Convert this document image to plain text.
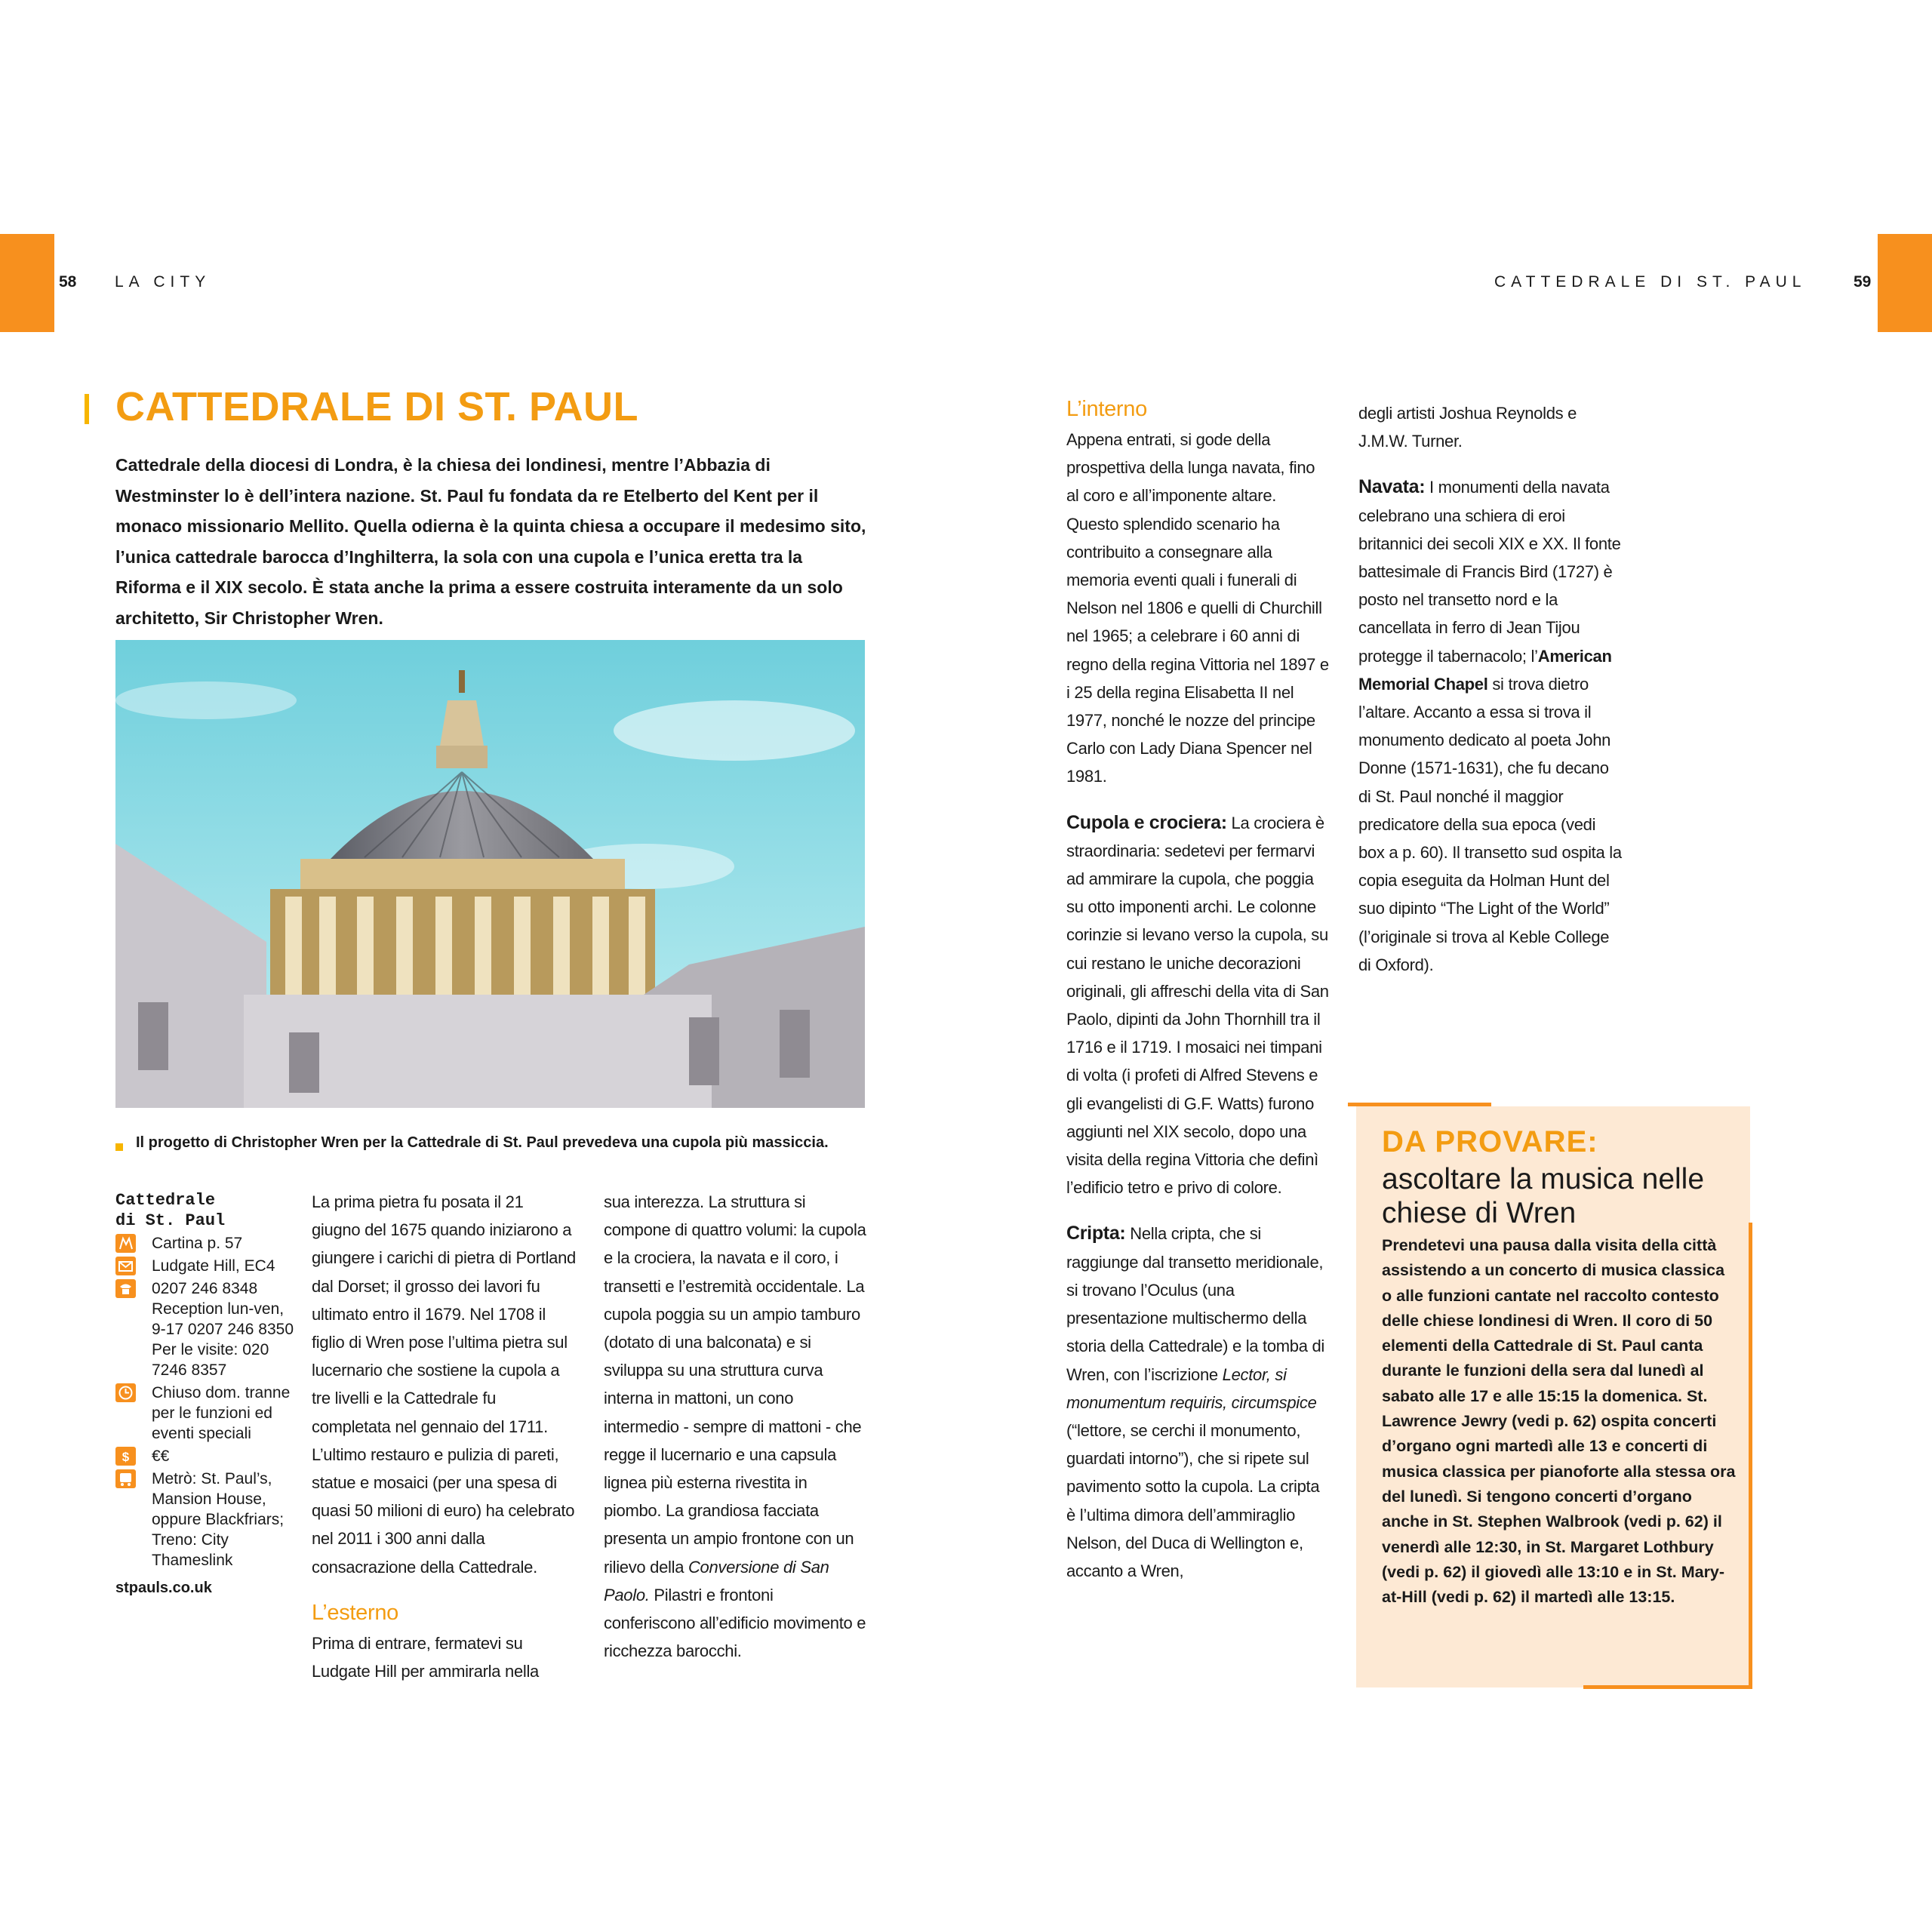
58 LA CITY	CATTEDRALE DI ST. PAUL	59
CATTEDRALE DI ST. PAUL
Cattedrale della diocesi di Londra, è la chiesa dei londinesi, mentre l’Abbazia di Westminster lo è dell’intera nazione. St. Paul fu fondata da re Etelberto del Kent per il monaco missionario Mellito. Quella odierna è la quinta chiesa a occupare il medesimo sito, l’unica cattedrale barocca d’Inghilterra, la sola con una cupola e l’unica eretta tra la Riforma e il XIX secolo. È stata anche la prima a essere costruita interamente da un solo architetto, Sir Christopher Wren.
Il progetto di Christopher Wren per la Cattedrale di St. Paul prevedeva una cupola più massiccia.
Cattedrale
di St. Paul
Cartina p. 57
Ludgate Hill, EC4
0207 246 8348 Reception lun-ven, 9-17 0207 246 8350 Per le visite: 020 7246 8357
Chiuso dom. tranne per le funzioni ed eventi speciali
$ €€
Metrò: St. Paul’s, Mansion House, oppure Blackfriars; Treno: City Thameslink
stpauls.co.uk

La prima pietra fu posata il 21 giugno del 1675 quando iniziarono a giungere i carichi di pietra di Portland dal Dorset; il grosso dei lavori fu ultimato entro il 1679. Nel 1708 il figlio di Wren pose l’ultima pietra sul lucernario che sostiene la cupola a tre livelli e la Cattedrale fu completata nel gennaio del 1711. L’ultimo restauro e pulizia di pareti, statue e mosaici (per una spesa di quasi 50 milioni di euro) ha celebrato nel 2011 i 300 anni dalla consacrazione della Cattedrale.

L’esterno

Prima di entrare, fermatevi su Ludgate Hill per ammirarla nella

sua interezza. La struttura si compone di quattro volumi: la cupola e la crociera, la navata e il coro, i transetti e l’estremità occidentale. La cupola poggia su un ampio tamburo (dotato di una balconata) e si sviluppa su una struttura curva interna in mattoni, un cono intermedio - sempre di mattoni - che regge il lucernario e una capsula lignea più esterna rivestita in piombo. La grandiosa facciata presenta un ampio frontone con un rilievo della Conversione di San Paolo. Pilastri e frontoni conferiscono all’edificio movimento e ricchezza barocchi.

L’interno

Appena entrati, si gode della prospettiva della lunga navata, fino al coro e all’imponente altare. Questo splendido scenario ha contribuito a consegnare alla memoria eventi quali i funerali di Nelson nel 1806 e quelli di Churchill nel 1965; a celebrare i 60 anni di regno della regina Vittoria nel 1897 e i 25 della regina Elisabetta II nel 1977, nonché le nozze del principe Carlo con Lady Diana Spencer nel 1981.

Cupola e crociera: La crociera è straordinaria: sedetevi per fermarvi ad ammirare la cupola, che poggia su otto imponenti archi. Le colonne corinzie si levano verso la cupola, su cui restano le uniche decorazioni originali, gli affreschi della vita di San Paolo, dipinti da John Thornhill tra il 1716 e il 1719. I mosaici nei timpani di volta (i profeti di Alfred Stevens e gli evangelisti di G.F. Watts) furono aggiunti nel XIX secolo, dopo una visita della regina Vittoria che definì l’edificio tetro e privo di colore.

Cripta: Nella cripta, che si raggiunge dal transetto meridionale, si trovano l’Oculus (una presentazione multischermo della storia della Cattedrale) e la tomba di Wren, con l’iscrizione Lector, si monumentum requiris, circumspice (“lettore, se cerchi il monumento, guardati intorno”), che si ripete sul pavimento sotto la cupola. La cripta è l’ultima dimora dell’ammiraglio Nelson, del Duca di Wellington e, accanto a Wren,

degli artisti Joshua Reynolds e J.M.W. Turner.

Navata: I monumenti della navata celebrano una schiera di eroi britannici dei secoli XIX e XX. Il fonte battesimale di Francis Bird (1727) è posto nel transetto nord e la cancellata in ferro di Jean Tijou protegge il tabernacolo; l’American Memorial Chapel si trova dietro l’altare. Accanto a essa si trova il monumento dedicato al poeta John Donne (1571-1631), che fu decano di St. Paul nonché il maggior predicatore della sua epoca (vedi box a p. 60). Il transetto sud ospita la copia eseguita da Holman Hunt del suo dipinto “The Light of the World” (l’originale si trova al Keble College di Oxford).

DA PROVARE:
ascoltare la musica nelle chiese di Wren
Prendetevi una pausa dalla visita della città assistendo a un concerto di musica classica o alle funzioni cantate nel raccolto contesto delle chiese londinesi di Wren. Il coro di 50 elementi della Cattedrale di St. Paul canta durante le funzioni della sera dal lunedì al sabato alle 17 e alle 15:15 la domenica. St. Lawrence Jewry (vedi p. 62) ospita concerti d’organo ogni martedì alle 13 e concerti di musica classica per pianoforte alla stessa ora del lunedì. Si tengono concerti d’organo anche in St. Stephen Walbrook (vedi p. 62) il venerdì alle 12:30, in St. Margaret Lothbury (vedi p. 62) il giovedì alle 13:10 e in St. Mary-at-Hill (vedi p. 62) il martedì alle 13:15.
